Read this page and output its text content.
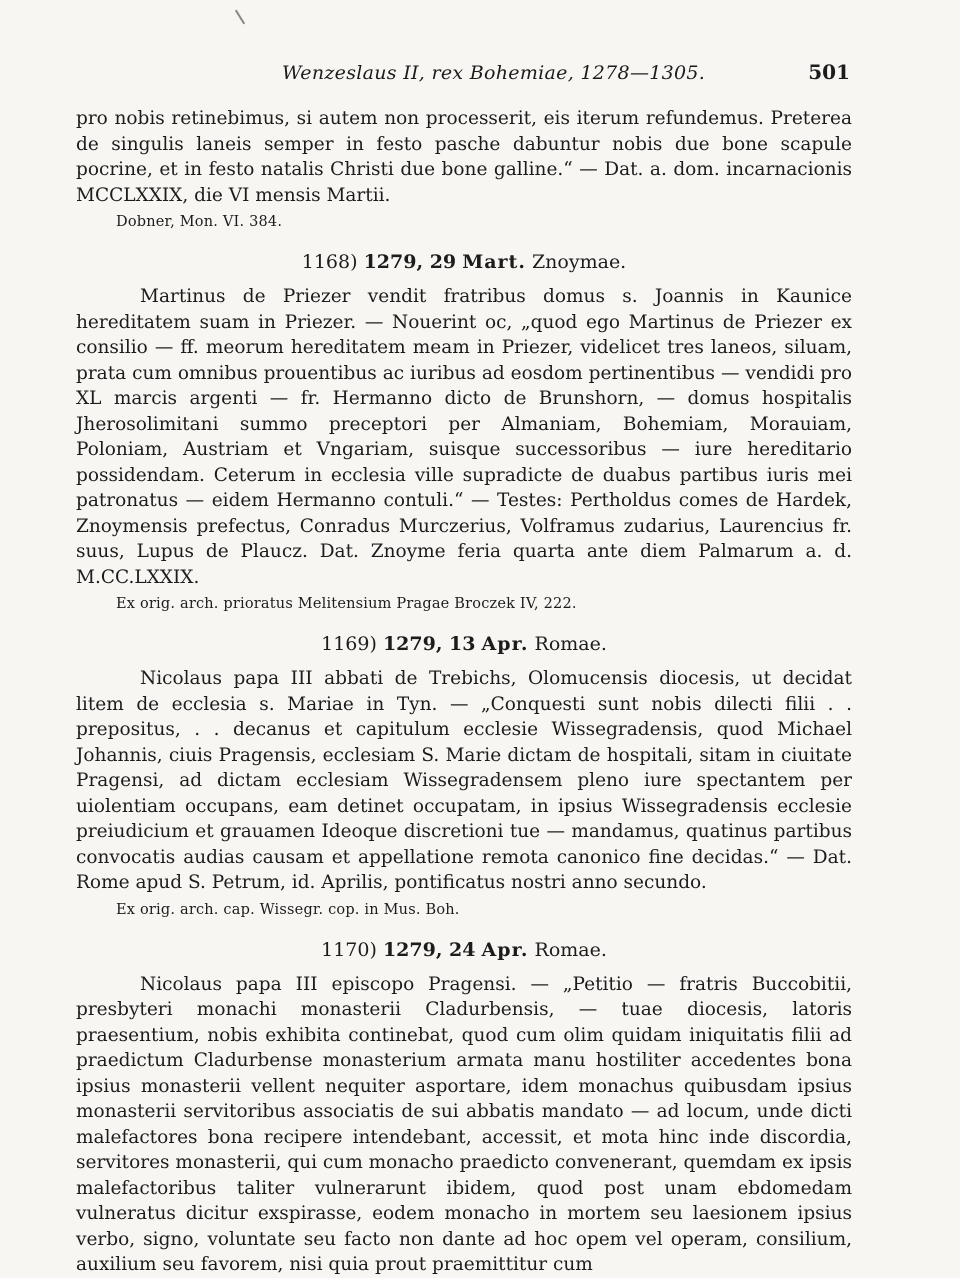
Wenzeslaus II, rex Bohemiae, 1278—1305.	501

pro nobis retinebimus, si autem non processerit, eis iterum refundemus. Preterea de singulis laneis semper in festo pasche dabuntur nobis due bone scapule pocrine, et in festo natalis Christi due bone galline.“ — Dat. a. dom. incarnacionis MCCLXXIX, die VI mensis Martii.

Dobner, Mon. VI. 384.
1168) 1279, 29 Mart. Znoymae.

Martinus de Priezer vendit fratribus domus s. Joannis in Kaunice hereditatem suam in Priezer. — Nouerint oc, „quod ego Martinus de Priezer ex consilio — ff. meorum hereditatem meam in Priezer, videlicet tres laneos, siluam, prata cum omnibus prouentibus ac iuribus ad eosdom pertinentibus — vendidi pro XL marcis argenti — fr. Hermanno dicto de Brunshorn, — domus hospitalis Jherosolimitani summo preceptori per Almaniam, Bohemiam, Morauiam, Poloniam, Austriam et Vngariam, suisque successoribus — iure hereditario possidendam. Ceterum in ecclesia ville supradicte de duabus partibus iuris mei patronatus — eidem Hermanno contuli.“ — Testes: Pertholdus comes de Hardek, Znoymensis prefectus, Conradus Murczerius, Volframus zudarius, Laurencius fr. suus, Lupus de Plaucz. Dat. Znoyme feria quarta ante diem Palmarum a. d. M.CC.LXXIX.

Ex orig. arch. prioratus Melitensium Pragae Broczek IV, 222.
1169) 1279, 13 Apr. Romae.

Nicolaus papa III abbati de Trebichs, Olomucensis diocesis, ut decidat litem de ecclesia s. Mariae in Tyn. — „Conquesti sunt nobis dilecti filii . . prepositus, . . decanus et capitulum ecclesie Wissegradensis, quod Michael Johannis, ciuis Pragensis, ecclesiam S. Marie dictam de hospitali, sitam in ciuitate Pragensi, ad dictam ecclesiam Wissegradensem pleno iure spectantem per uiolentiam occupans, eam detinet occupatam, in ipsius Wissegradensis ecclesie preiudicium et grauamen Ideoque discretioni tue — mandamus, quatinus partibus convocatis audias causam et appellatione remota canonico fine decidas.“ — Dat. Rome apud S. Petrum, id. Aprilis, pontificatus nostri anno secundo.

Ex orig. arch. cap. Wissegr. cop. in Mus. Boh.
1170) 1279, 24 Apr. Romae.

Nicolaus papa III episcopo Pragensi. — „Petitio — fratris Buccobitii, presbyteri monachi monasterii Cladurbensis, — tuae diocesis, latoris praesentium, nobis exhibita continebat, quod cum olim quidam iniquitatis filii ad praedictum Cladurbense monasterium armata manu hostiliter accedentes bona ipsius monasterii vellent nequiter asportare, idem monachus quibusdam ipsius monasterii servitoribus associatis de sui abbatis mandato — ad locum, unde dicti malefactores bona recipere intendebant, accessit, et mota hinc inde discordia, servitores monasterii, qui cum monacho praedicto convenerant, quemdam ex ipsis malefactoribus taliter vulnerarunt ibidem, quod post unam ebdomedam vulneratus dicitur exspirasse, eodem monacho in mortem seu laesionem ipsius verbo, signo, voluntate seu facto non dante ad hoc opem vel operam, consilium, auxilium seu favorem, nisi quia prout praemittitur cum
